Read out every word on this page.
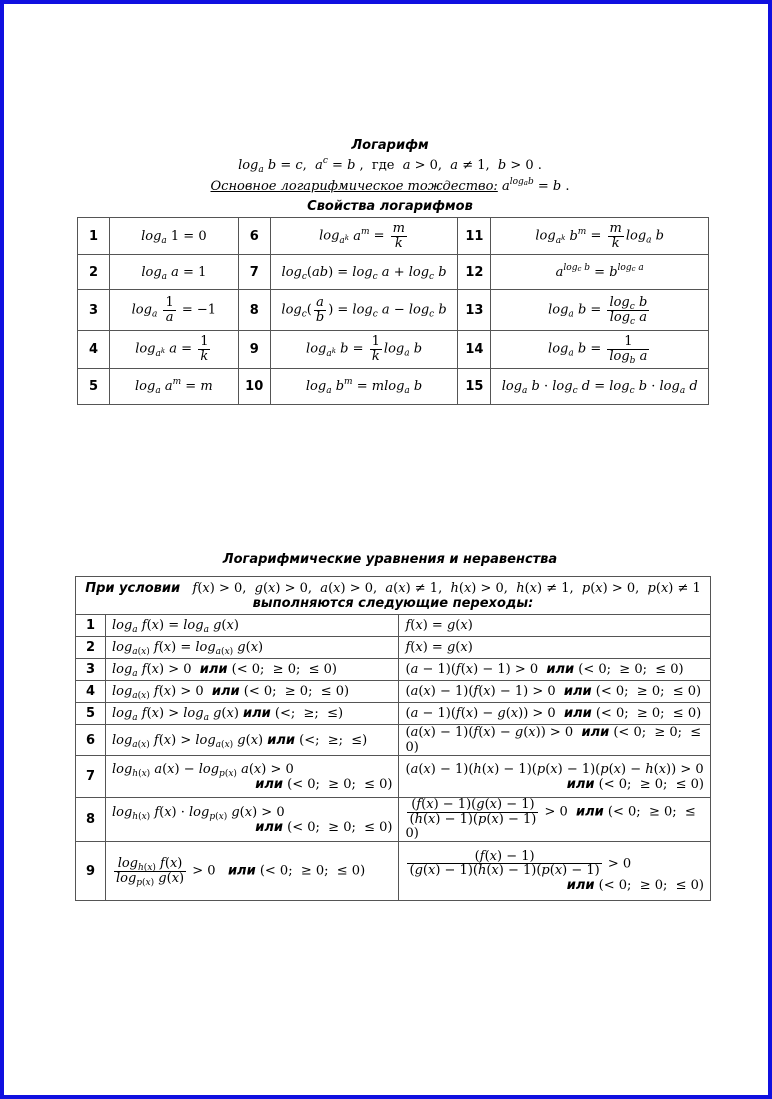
Логарифм
$\log_a b = c$,  $a^c = b$ ,  где a > 0,  a ≠ 1,  b > 0 .
Основное логарифмическое тождество: $a^{log_ab} = b$ .
Свойства логарифмов
1	$\log_a 1 = 0$	6	$\log_{a^k} a^m = \frac{m}{k}$	11	$\log_{a^k} b^m = \frac{m}{k} \log_a b$
2	$\log_a a = 1$	7	$\log_c(ab) = \log_c a + \log_c b$	12	$a^{log_c b} = b^{log_c a}$
3	$\log_a \frac{1}{a} = -1$	8	$\log_c( \frac{a}{b}$ ) = $\log_c a - \log_c b$	13	$\log_a b = \frac{\log_c b}{\log_c a}$

4	$\log_{a^k} a = \frac{1}{k}$	9	$\log_{a^k} b = \frac{1}{k} \log_a b$	14	$\log_a b = \frac{1}{\log_b a}$

5	$\log_a a^m = m$	10	$\log_a b^m = mlog_a$ b	15	$\log_a b \cdot \log_c d = \log_c b \cdot \log_a d$
Логарифмические уравнения и неравенства
При условии f(x) > 0,  g(x) > 0,  a(x) > 0,  a(x) ≠ 1,  h(x) > 0,  h(x) ≠ 1,  p(x) > 0,  p(x) ≠ 1
выполняются следующие переходы:		
1	$\log_a f(x) = \log_a g(x)$	f(x) = g(x)
2	$\log_{a(x)} f(x) = \log_{a(x)} g(x)$	f(x) = g(x)
3	$\log_a f(x) > 0$  или (< 0;  ≥ 0;  ≤ 0)	(a − 1)(f(x) − 1) > 0  или (< 0;  ≥ 0;  ≤ 0)
4	$\log_{a(x)} f(x) > 0$  или (< 0;  ≥ 0;  ≤ 0)	(a(x) − 1)(f(x) − 1) > 0  или (< 0;  ≥ 0;  ≤ 0)
5	$\log_a f(x) > \log_a g(x)$ или (<;  ≥;  ≤)	(a − 1)(f(x) − g(x)) > 0  или (< 0;  ≥ 0;  ≤ 0)
6	$\log_{a(x)} f(x) > \log_{a(x)} g(x)$ или (<;  ≥;  ≤)	(a(x) − 1)(f(x) − g(x)) > 0  или (< 0;  ≥ 0;  ≤ 0)
7	$\log_{h(x)} a(x) - \log_{p(x)} a(x) > 0$
или (< 0;  ≥ 0;  ≤ 0)	(a(x) − 1)(h(x) − 1)(p(x) − 1)(p(x) − h(x)) > 0
или (< 0;  ≥ 0;  ≤ 0)

8	$\log_{h(x)} f(x) \cdot \log_{p(x)} g(x) > 0$
или (< 0;  ≥ 0;  ≤ 0)	$\frac{(f(x) - 1)(g(x) - 1)}{(h(x) - 1)(p(x) - 1)} > 0$  или (< 0;  ≥ 0;  ≤ 0)
9	$\frac{\log_{h(x)} f(x)}{\log_{p(x)} g(x)} > 0$   или (< 0;  ≥ 0;  ≤ 0)	$\frac{(f(x) - 1)}{(g(x) - 1)(h(x) - 1)(p(x) - 1)} > 0$
или (< 0;  ≥ 0;  ≤ 0)
